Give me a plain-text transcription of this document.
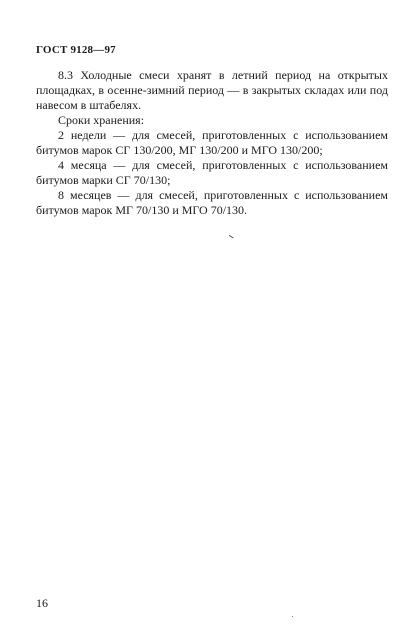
ГОСТ 9128—97

8.3 Холодные смеси хранят в летний период на открытых площадках, в осенне-зимний период — в закрытых складах или под навесом в штабелях.

Сроки хранения:

2 недели — для смесей, приготовленных с использованием битумов марок СГ 130/200, МГ 130/200 и МГО 130/200;

4 месяца — для смесей, приготовленных с использованием битумов марки СГ 70/130;

8 месяцев — для смесей, приготовленных с использованием битумов марок МГ 70/130 и МГО 70/130.

16
